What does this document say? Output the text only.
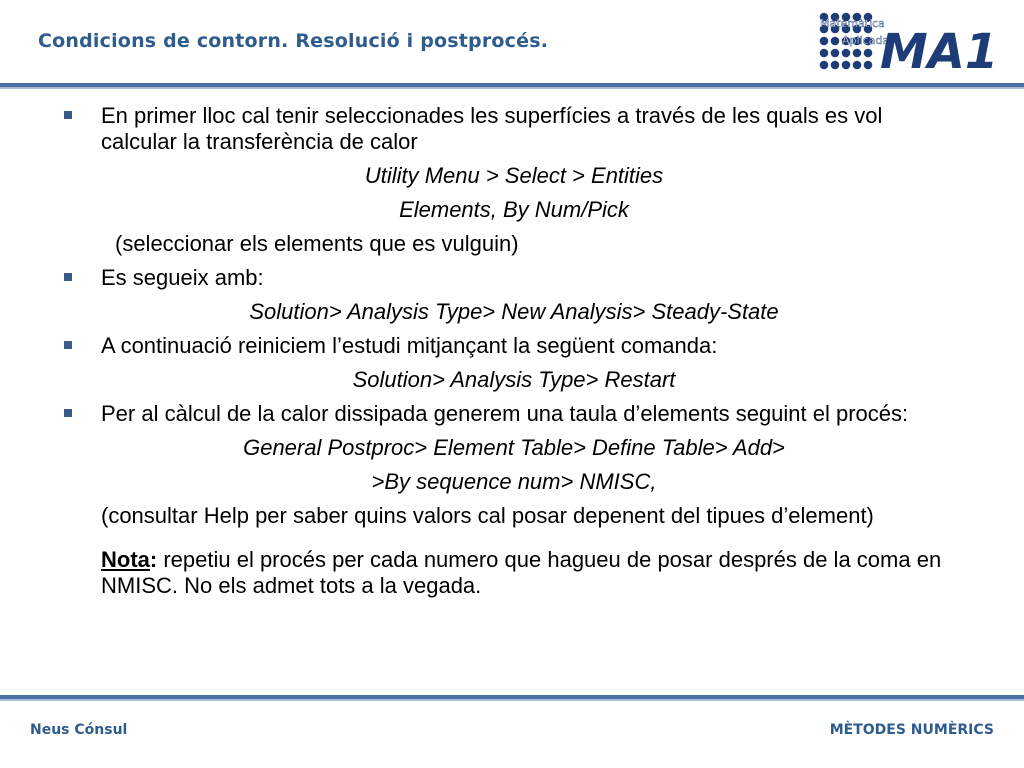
Condicions de contorn. Resolució i postprocés.
Matemàtica
Aplicada
MA1
En primer lloc cal tenir seleccionades les superfícies a través de les quals es vol calcular la transferència de calor
Utility Menu > Select > Entities
Elements, By Num/Pick
(seleccionar els elements que es vulguin)
Es segueix amb:
Solution> Analysis Type> New Analysis> Steady-State
A continuació reiniciem l’estudi mitjançant la següent comanda:
Solution> Analysis Type> Restart
Per al càlcul de la calor dissipada generem una taula d’elements seguint el procés:
General Postproc> Element Table> Define Table> Add>
>By sequence num> NMISC,
(consultar Help per saber quins valors cal posar depenent del tipues d’element)
Nota: repetiu el procés per cada numero que hagueu de posar després de la coma en NMISC. No els admet tots a la vegada.
Neus Cónsul	MÈTODES NUMÈRICS
